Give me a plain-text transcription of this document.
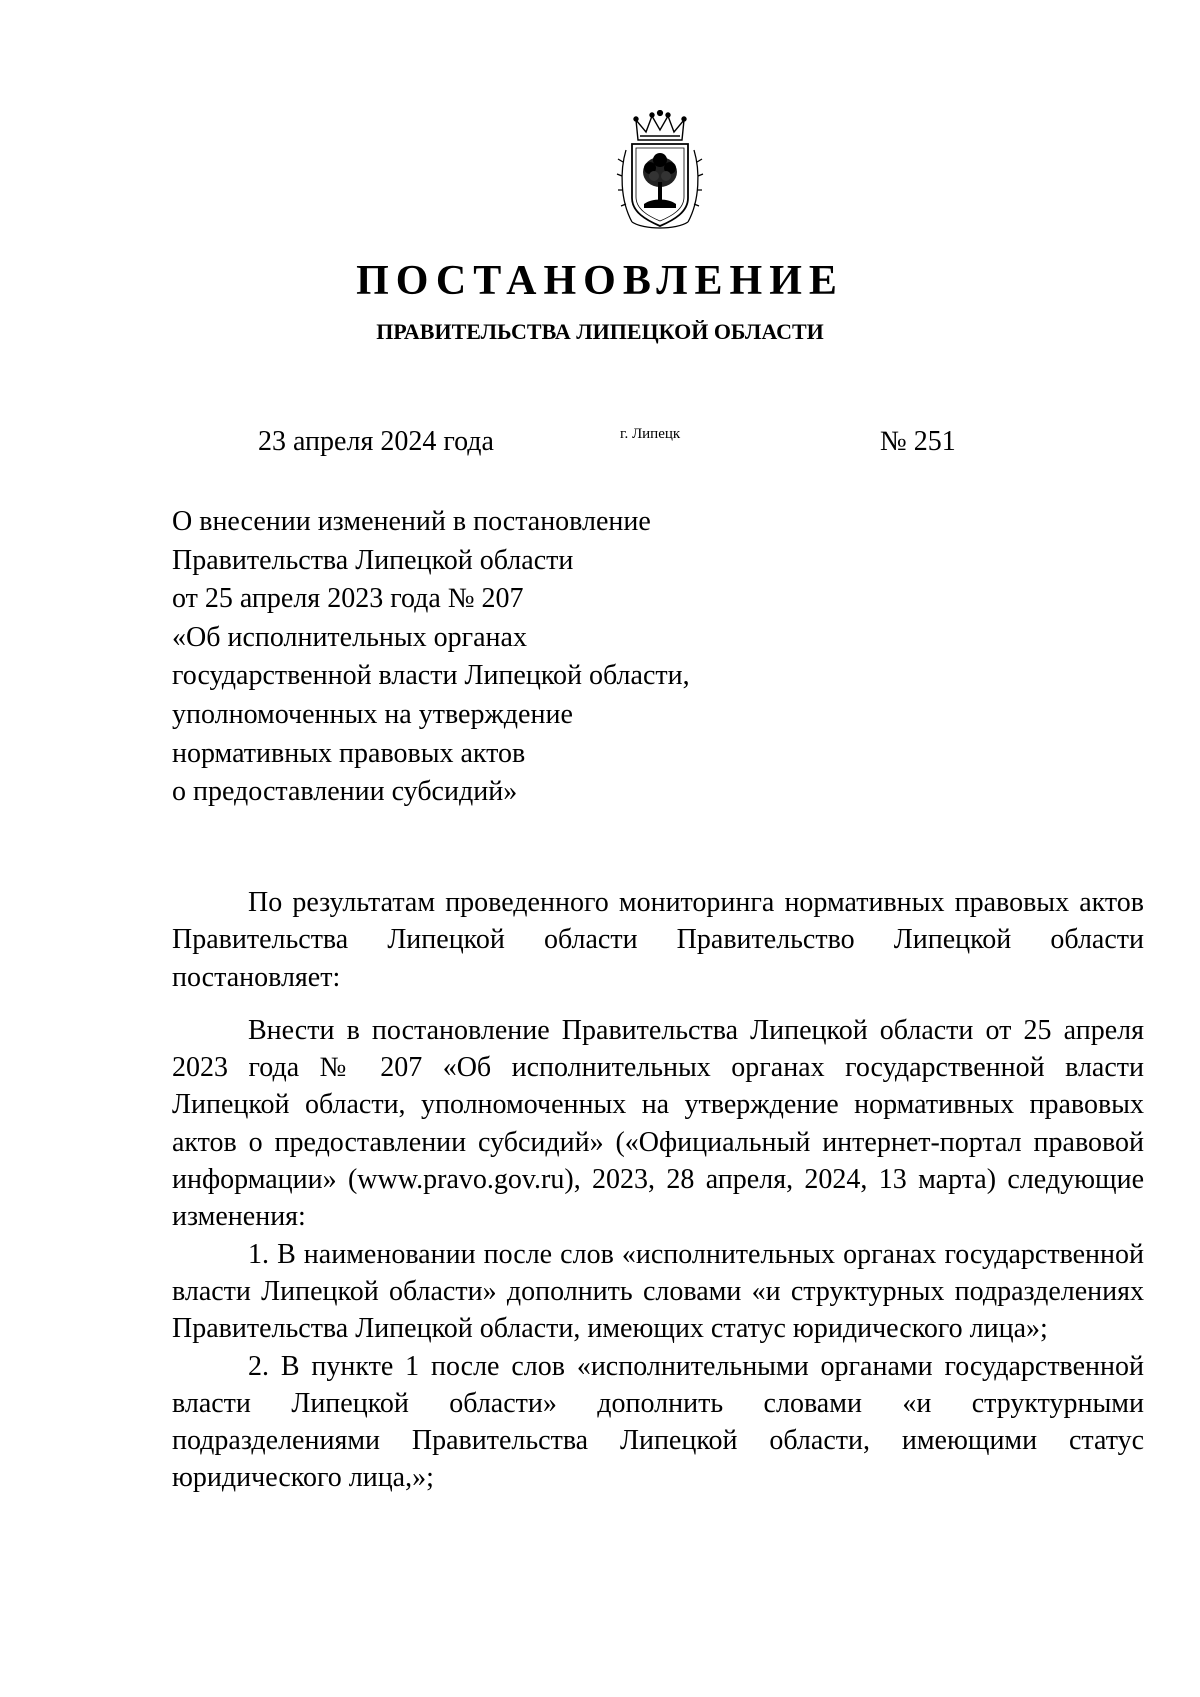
ПОСТАНОВЛЕНИЕ
ПРАВИТЕЛЬСТВА ЛИПЕЦКОЙ ОБЛАСТИ
23 апреля 2024 года	г. Липецк	№ 251
О внесении изменений в постановление
Правительства Липецкой области
от 25 апреля 2023 года № 207
«Об исполнительных органах
государственной власти Липецкой области,
уполномоченных на утверждение
нормативных правовых актов
о предоставлении субсидий»

По результатам проведенного мониторинга нормативных правовых актов Правительства Липецкой области Правительство Липецкой области постановляет:

Внести в постановление Правительства Липецкой области от 25 апреля 2023 года № 207 «Об исполнительных органах государственной власти Липецкой области, уполномоченных на утверждение нормативных правовых актов о предоставлении субсидий» («Официальный интернет-портал правовой информации» (www.pravo.gov.ru), 2023, 28 апреля, 2024, 13 марта) следующие изменения:

1. В наименовании после слов «исполнительных органах государственной власти Липецкой области» дополнить словами «и структурных подразделениях Правительства Липецкой области, имеющих статус юридического лица»;

2. В пункте 1 после слов «исполнительными органами государственной власти Липецкой области» дополнить словами «и структурными подразделениями Правительства Липецкой области, имеющими статус юридического лица,»;
